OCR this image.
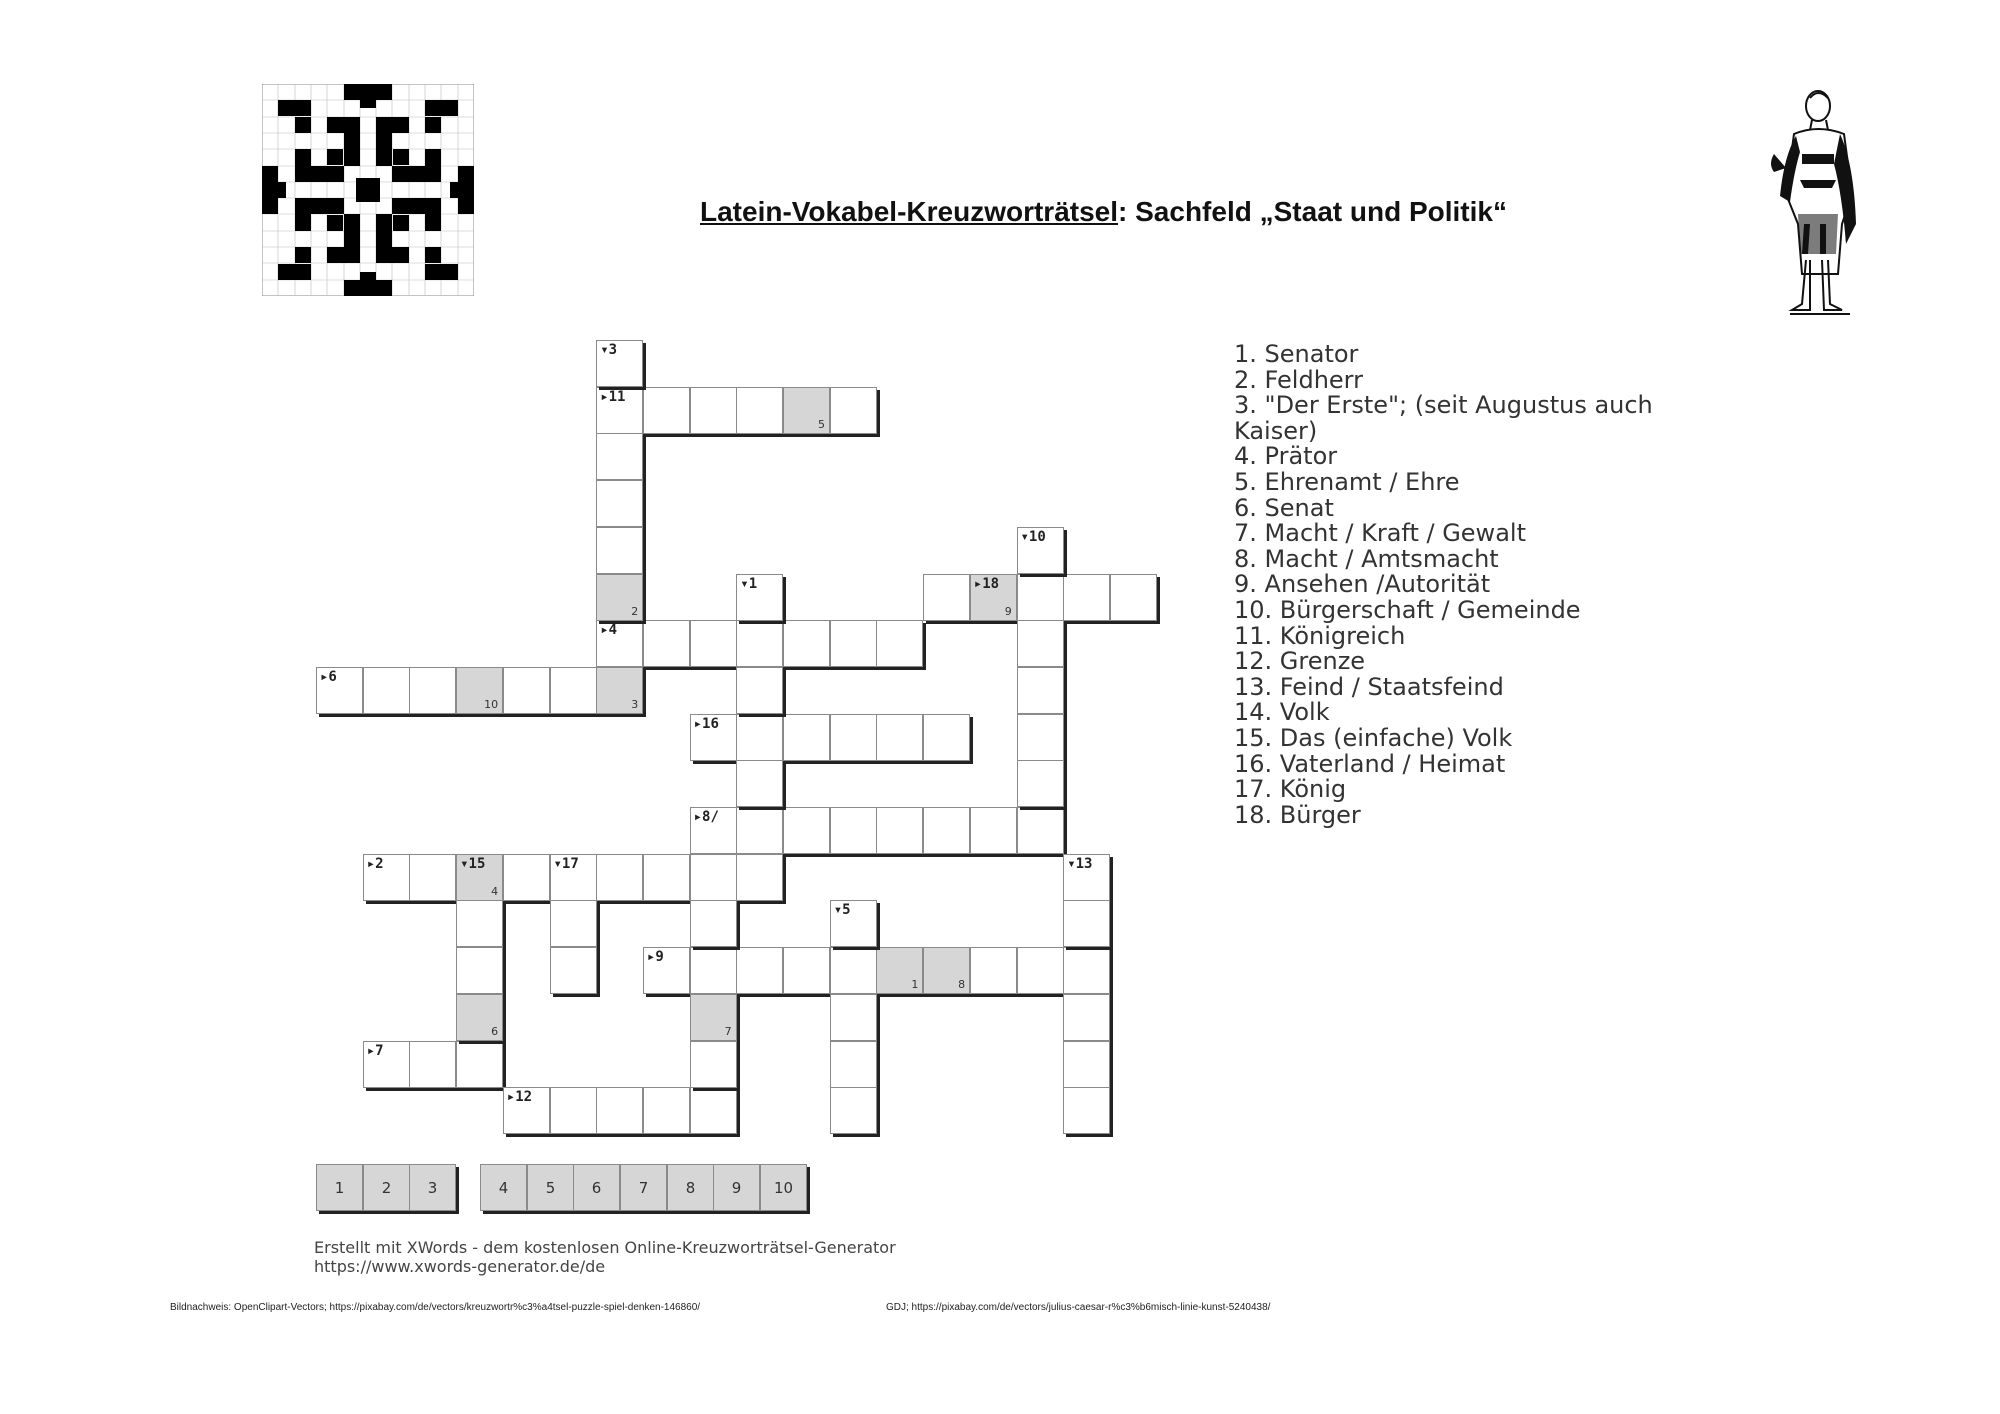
Latein-Vokabel-Kreuzworträtsel: Sachfeld „Staat und Politik“
▸11
5
▸18
9
▸4
▸6
10	3
▸16
▸8/
▸2	▾15
4
▾17
▸9
1	8
▸7
▸12
▾3
2
▾10
▾1
6	7
▾5
▾13
1. Senator
2. Feldherr
3. "Der Erste"; (seit Augustus auch Kaiser)
4. Prätor
5. Ehrenamt / Ehre
6. Senat
7. Macht / Kraft / Gewalt
8. Macht / Amtsmacht
9. Ansehen /Autorität
10. Bürgerschaft / Gemeinde
11. Königreich
12. Grenze
13. Feind / Staatsfeind
14. Volk
15. Das (einfache) Volk
16. Vaterland / Heimat
17. König
18. Bürger
1	2	3	4	5	6	7	8	9	10
Erstellt mit XWords - dem kostenlosen Online-Kreuzworträtsel-Generator
https://www.xwords-generator.de/de
Bildnachweis: OpenClipart-Vectors; https://pixabay.com/de/vectors/kreuzwortr%c3%a4tsel-puzzle-spiel-denken-146860/	GDJ; https://pixabay.com/de/vectors/julius-caesar-r%c3%b6misch-linie-kunst-5240438/
